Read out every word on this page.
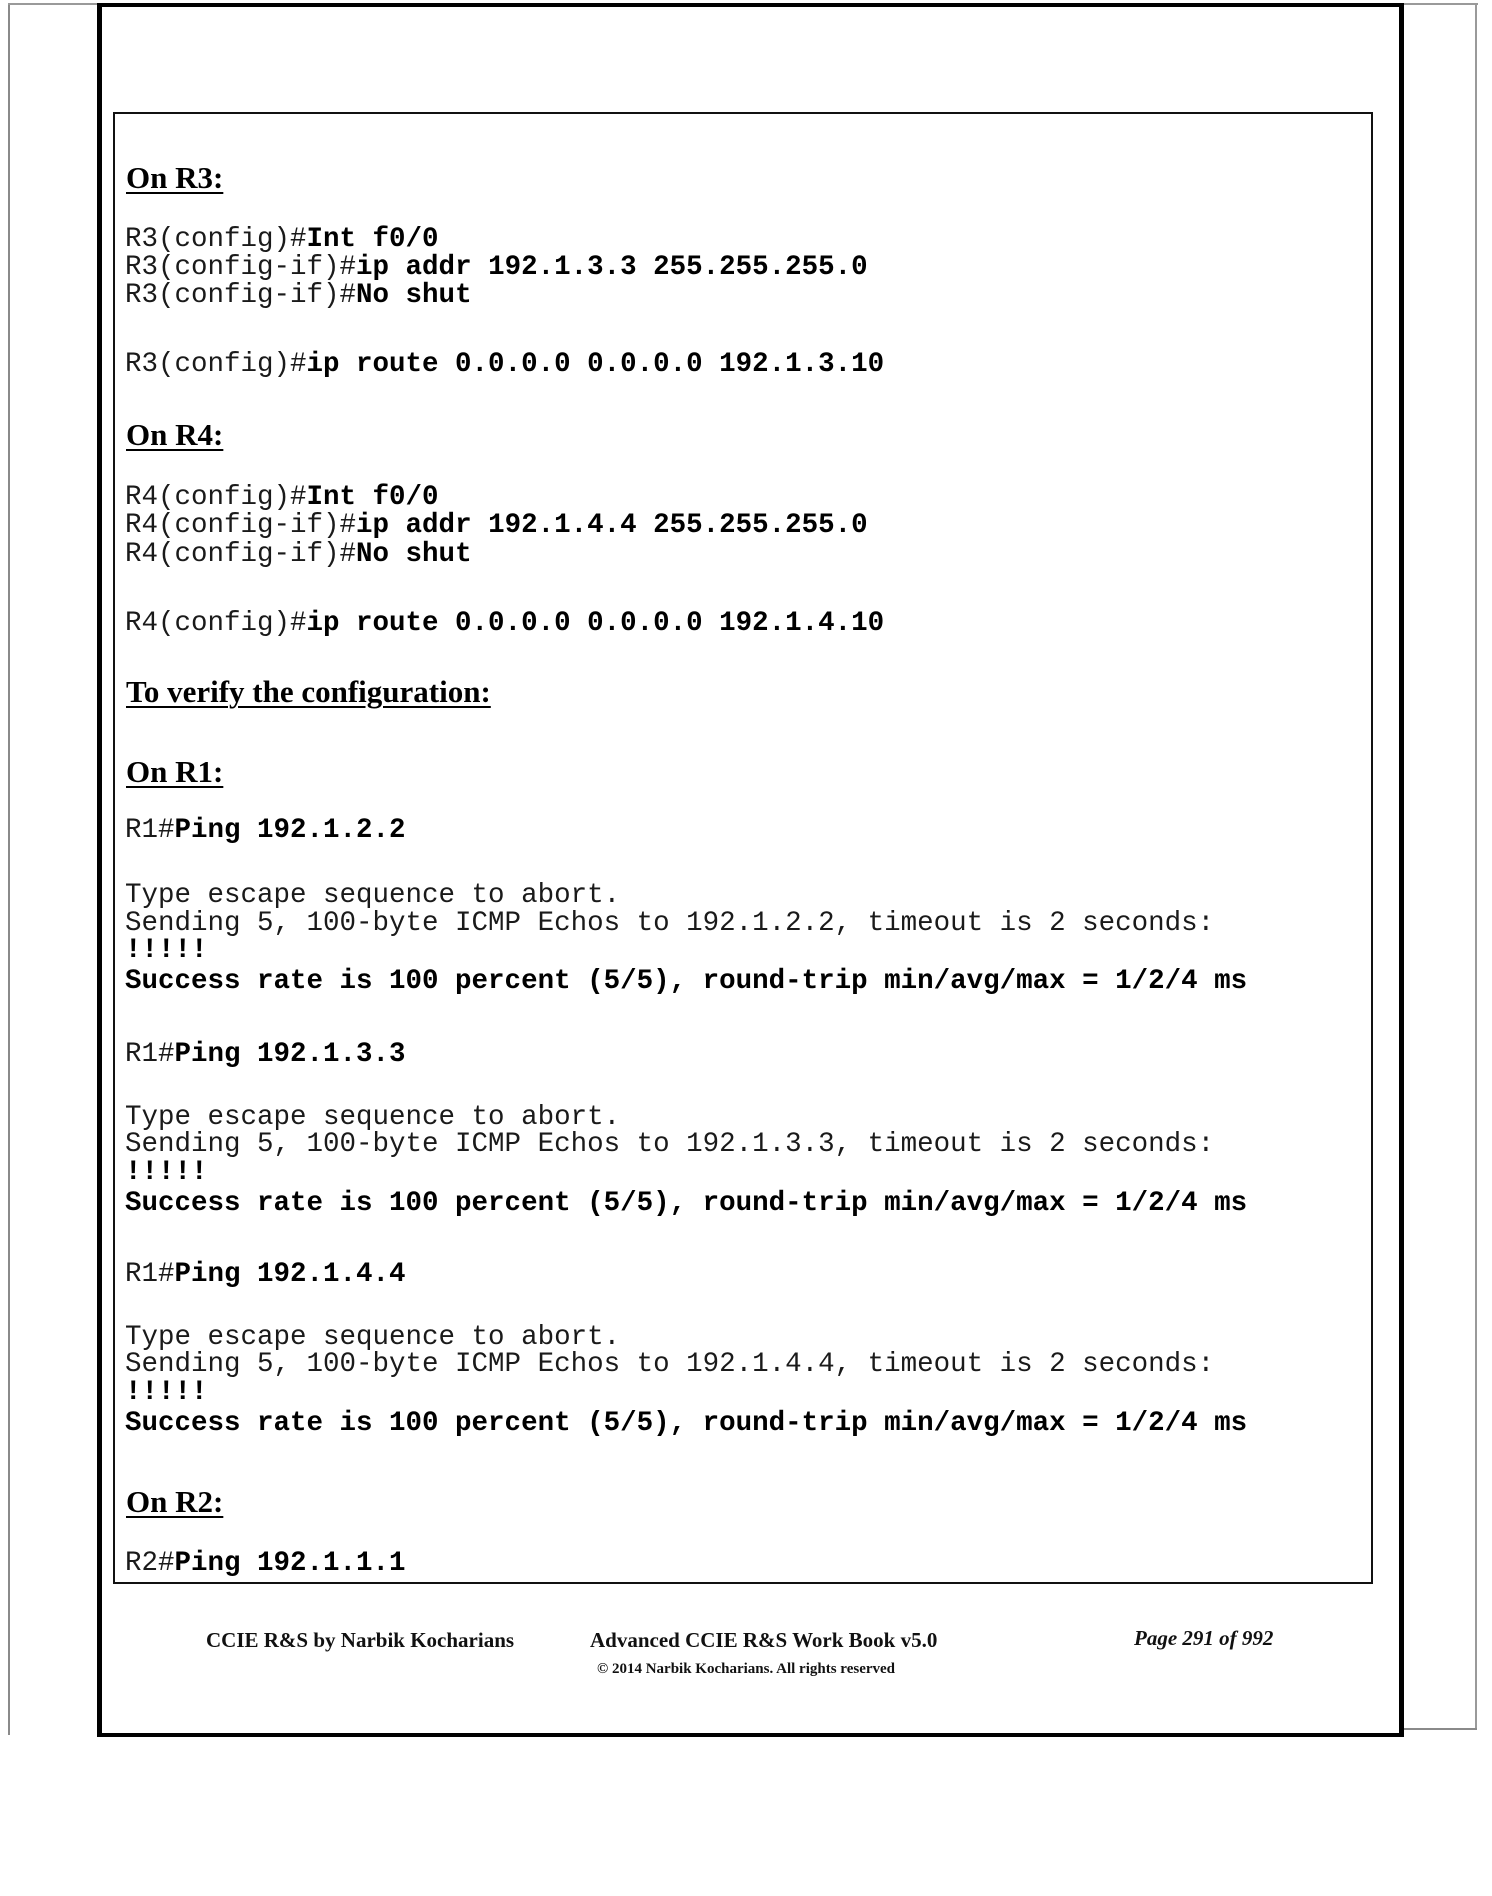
On R3:
R3(config)#Int f0/0
R3(config-if)#ip addr 192.1.3.3 255.255.255.0
R3(config-if)#No shut
R3(config)#ip route 0.0.0.0 0.0.0.0 192.1.3.10
On R4:
R4(config)#Int f0/0
R4(config-if)#ip addr 192.1.4.4 255.255.255.0
R4(config-if)#No shut
R4(config)#ip route 0.0.0.0 0.0.0.0 192.1.4.10
To verify the configuration:
On R1:
R1#Ping 192.1.2.2
Type escape sequence to abort.
Sending 5, 100-byte ICMP Echos to 192.1.2.2, timeout is 2 seconds:
!!!!!
Success rate is 100 percent (5/5), round-trip min/avg/max = 1/2/4 ms
R1#Ping 192.1.3.3
Type escape sequence to abort.
Sending 5, 100-byte ICMP Echos to 192.1.3.3, timeout is 2 seconds:
!!!!!
Success rate is 100 percent (5/5), round-trip min/avg/max = 1/2/4 ms
R1#Ping 192.1.4.4
Type escape sequence to abort.
Sending 5, 100-byte ICMP Echos to 192.1.4.4, timeout is 2 seconds:
!!!!!
Success rate is 100 percent (5/5), round-trip min/avg/max = 1/2/4 ms
On R2:
R2#Ping 192.1.1.1
CCIE R&S by Narbik Kocharians	Advanced CCIE R&S Work Book v5.0
© 2014 Narbik Kocharians. All rights reserved
Page 291 of 992
